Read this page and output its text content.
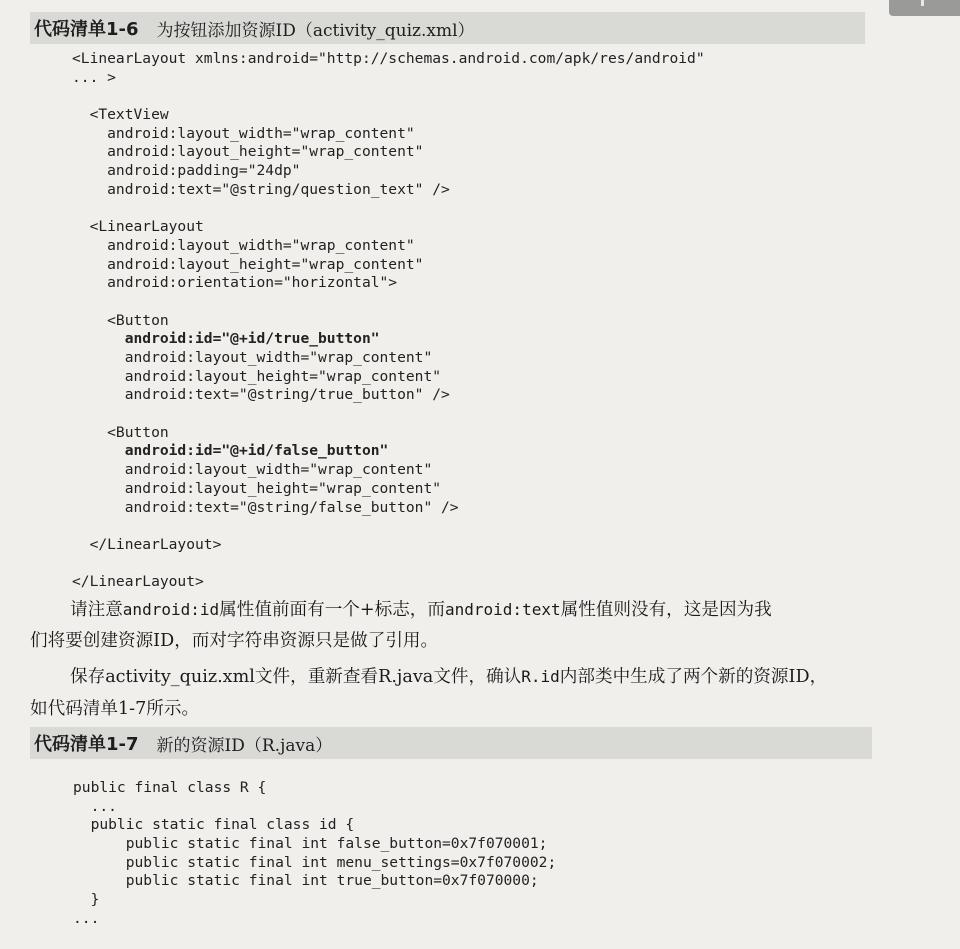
代码清单1-6 为按钮添加资源ID（activity_quiz.xml）
<LinearLayout xmlns:android="http://schemas.android.com/apk/res/android"
... >
<TextView
android:layout_width="wrap_content"
android:layout_height="wrap_content"
android:padding="24dp"
android:text="@string/question_text" />
<LinearLayout
android:layout_width="wrap_content"
android:layout_height="wrap_content"
android:orientation="horizontal">
<Button
android:id="@+id/true_button"
android:layout_width="wrap_content"
android:layout_height="wrap_content"
android:text="@string/true_button" />
<Button
android:id="@+id/false_button"
android:layout_width="wrap_content"
android:layout_height="wrap_content"
android:text="@string/false_button" />
</LinearLayout>
</LinearLayout>
请注意android:id属性值前面有一个+标志，而android:text属性值则没有，这是因为我
们将要创建资源ID，而对字符串资源只是做了引用。
保存activity_quiz.xml文件，重新查看R.java文件，确认R.id内部类中生成了两个新的资源ID，
如代码清单1-7所示。
代码清单1-7 新的资源ID（R.java）
public final class R {
...
public static final class id {
public static final int false_button=0x7f070001;
public static final int menu_settings=0x7f070002;
public static final int true_button=0x7f070000;
}
...
